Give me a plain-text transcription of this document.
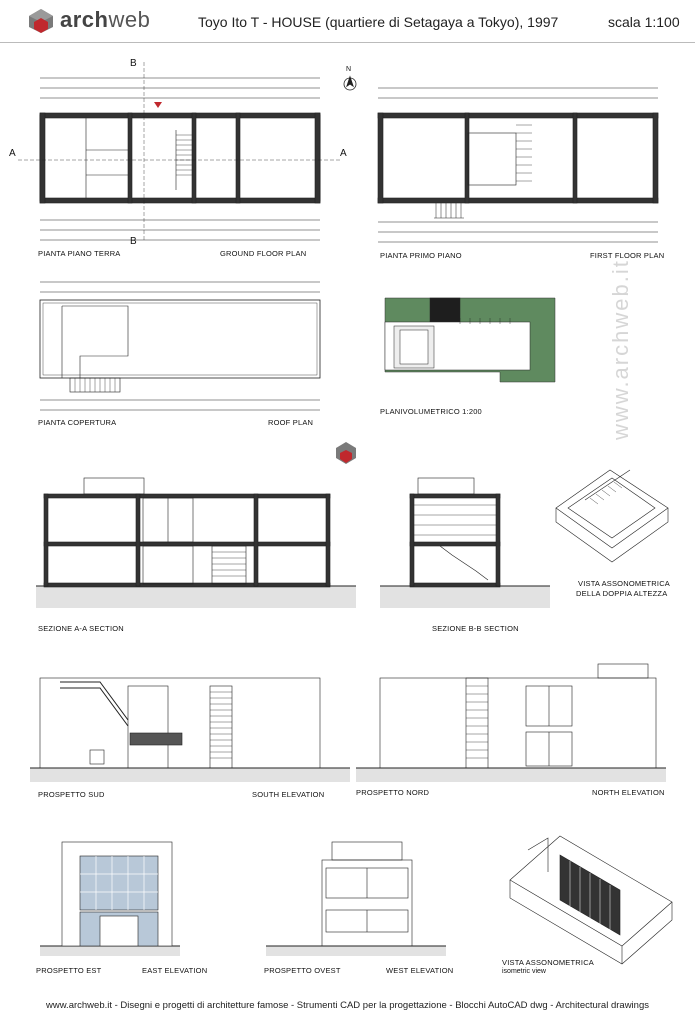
archweb	Toyo Ito T - HOUSE (quartiere di Setagaya a Tokyo), 1997	scala 1:100
www.archweb.it
A	A
B
B
N
PIANTA PIANO TERRA	GROUND FLOOR PLAN	PIANTA PRIMO PIANO	FIRST FLOOR PLAN
PIANTA COPERTURA	ROOF PLAN
PLANIVOLUMETRICO 1:200
SEZIONE A-A SECTION	SEZIONE B-B SECTION
VISTA ASSONOMETRICA
DELLA DOPPIA ALTEZZA
PROSPETTO SUD	SOUTH ELEVATION	PROSPETTO NORD	NORTH ELEVATION
PROSPETTO EST	EAST ELEVATION	PROSPETTO OVEST	WEST ELEVATION
VISTA ASSONOMETRICA
isometric view
www.archweb.it - Disegni e progetti di architetture famose - Strumenti CAD per la progettazione - Blocchi AutoCAD dwg - Architectural drawings
